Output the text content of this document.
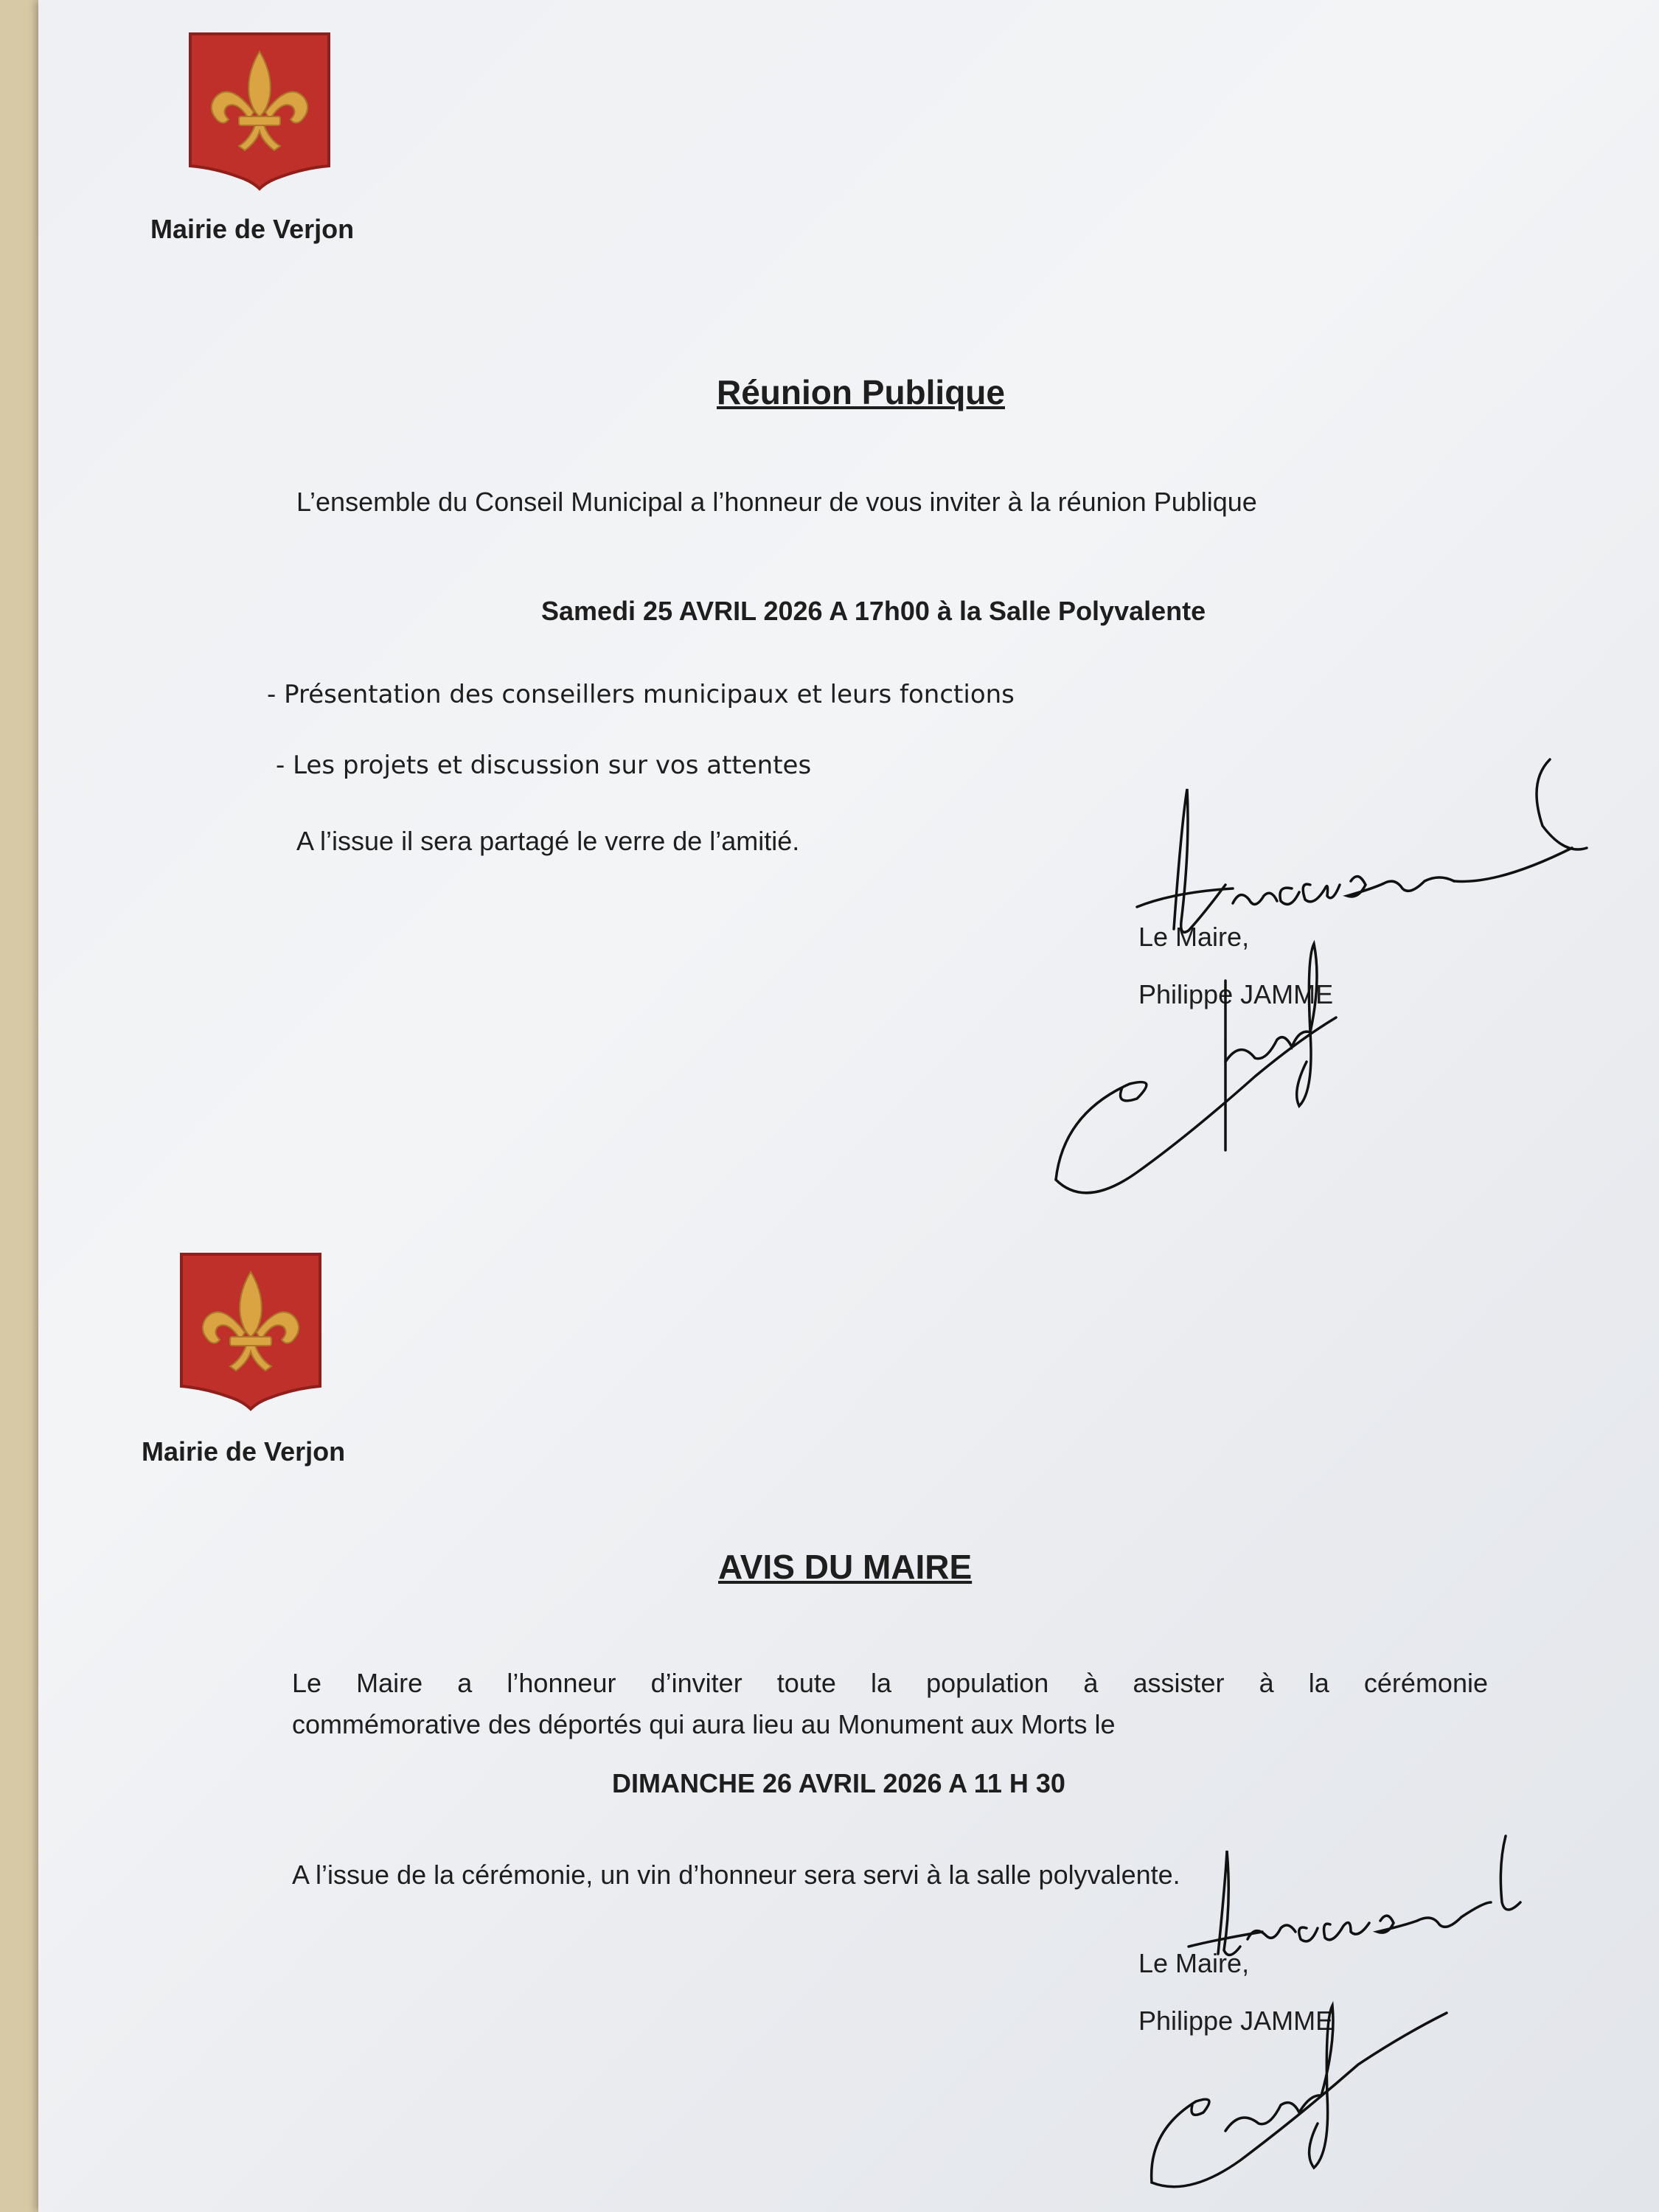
Mairie de Verjon
Réunion Publique
L’ensemble du Conseil Municipal a l’honneur de vous inviter à la réunion Publique
Samedi 25 AVRIL 2026 A 17h00 à la Salle Polyvalente
- Présentation des conseillers municipaux et leurs fonctions
- Les projets et discussion sur vos attentes
A l’issue il sera partagé le verre de l’amitié.
Le Maire,
Philippe JAMME
Mairie de Verjon
AVIS DU MAIRE
Le Maire a l’honneur d’inviter toute la population à assister à la cérémonie
commémorative des déportés qui aura lieu au Monument aux Morts le
DIMANCHE 26 AVRIL 2026 A 11 H 30
A l’issue de la cérémonie, un vin d’honneur sera servi à la salle polyvalente.
Le Maire,
Philippe JAMME
